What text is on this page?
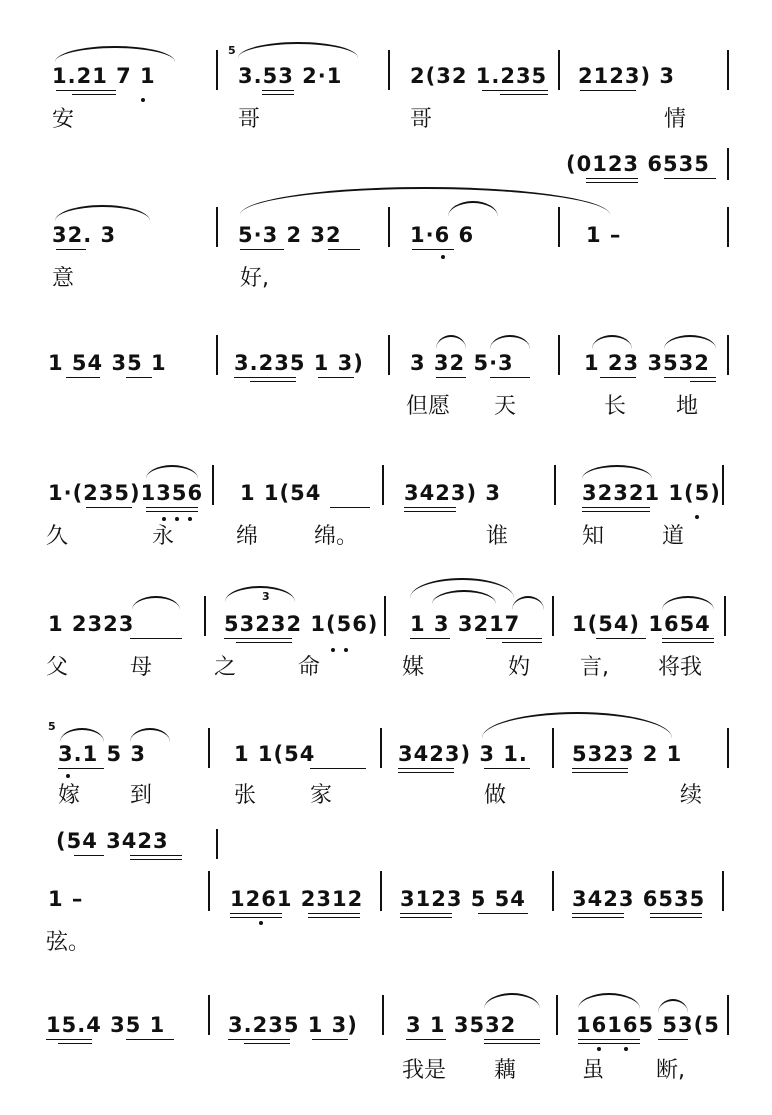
5
1.21 7 1	3.53 2·1	2(32 1.235 2123) 3
安	哥	哥	情
(0123 6535
32. 3	5·3 2 32	1·6 6	1 –
意	好,
1 54 35 1	3.235 1 3) 3 32 5·3	1 23 3532
但愿 天	长 地
1·(235)1356 1 1(54	3423) 3	32321 1(5)
久	永	绵	绵。	谁	知	道
3
1 2323	53232 1(56) 1 3 3217 1(54) 1654
父	母	之	命	媒	妁 言, 将我
5
3.1 5 3	1 1(54	3423) 3 1. 5323 2 1
嫁 到	张 家	做	续
(54 3423
1 –	1261 2312 3123 5 54 3423 6535
弦。
15.4 35 1	3.235 1 3) 3 1 3532	16165 53(5
我是 藕	虽 断,
